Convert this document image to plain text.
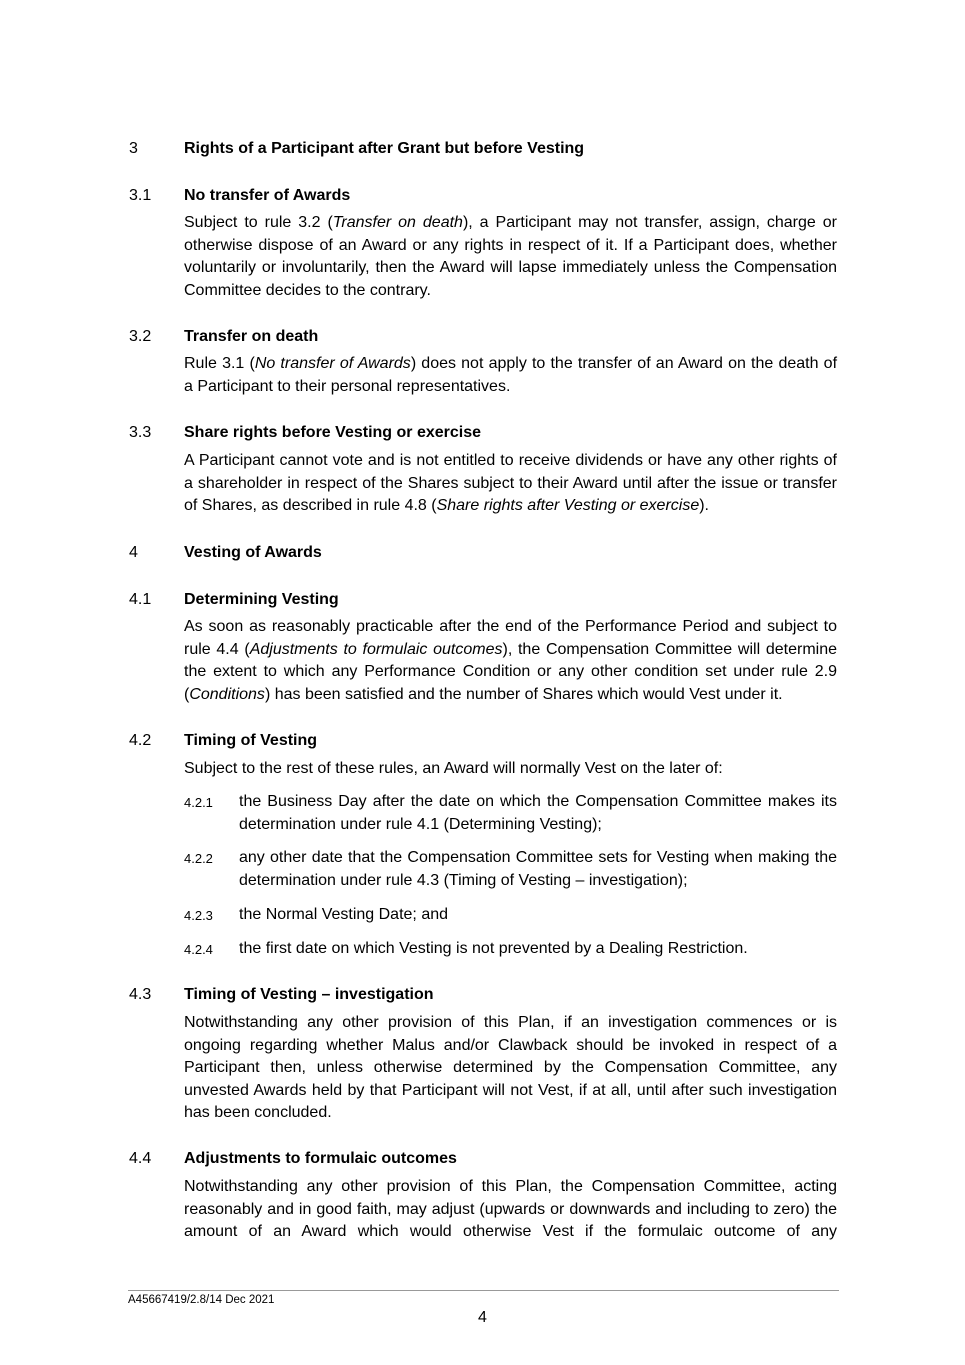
3	Rights of a Participant after Grant but before Vesting
3.1 No transfer of Awards

Subject to rule 3.2 (Transfer on death), a Participant may not transfer, assign, charge or otherwise dispose of an Award or any rights in respect of it. If a Participant does, whether voluntarily or involuntarily, then the Award will lapse immediately unless the Compensation Committee decides to the contrary.

3.2 Transfer on death

Rule 3.1 (No transfer of Awards) does not apply to the transfer of an Award on the death of a Participant to their personal representatives.

3.3 Share rights before Vesting or exercise

A Participant cannot vote and is not entitled to receive dividends or have any other rights of a shareholder in respect of the Shares subject to their Award until after the issue or transfer of Shares, as described in rule 4.8 (Share rights after Vesting or exercise).

4	Vesting of Awards
4.1 Determining Vesting

As soon as reasonably practicable after the end of the Performance Period and subject to rule 4.4 (Adjustments to formulaic outcomes), the Compensation Committee will determine the extent to which any Performance Condition or any other condition set under rule 2.9 (Conditions) has been satisfied and the number of Shares which would Vest under it.

4.2 Timing of Vesting

Subject to the rest of these rules, an Award will normally Vest on the later of:

4.2.1 the Business Day after the date on which the Compensation Committee makes its determination under rule 4.1 (Determining Vesting);

4.2.2 any other date that the Compensation Committee sets for Vesting when making the determination under rule 4.3 (Timing of Vesting – investigation);

4.2.3 the Normal Vesting Date; and

4.2.4 the first date on which Vesting is not prevented by a Dealing Restriction.

4.3 Timing of Vesting – investigation

Notwithstanding any other provision of this Plan, if an investigation commences or is ongoing regarding whether Malus and/or Clawback should be invoked in respect of a Participant then, unless otherwise determined by the Compensation Committee, any unvested Awards held by that Participant will not Vest, if at all, until after such investigation has been concluded.

4.4 Adjustments to formulaic outcomes

Notwithstanding any other provision of this Plan, the Compensation Committee, acting reasonably and in good faith, may adjust (upwards or downwards and including to zero) the amount of an Award which would otherwise Vest if the formulaic outcome of any

A45667419/2.8/14 Dec 2021
4
